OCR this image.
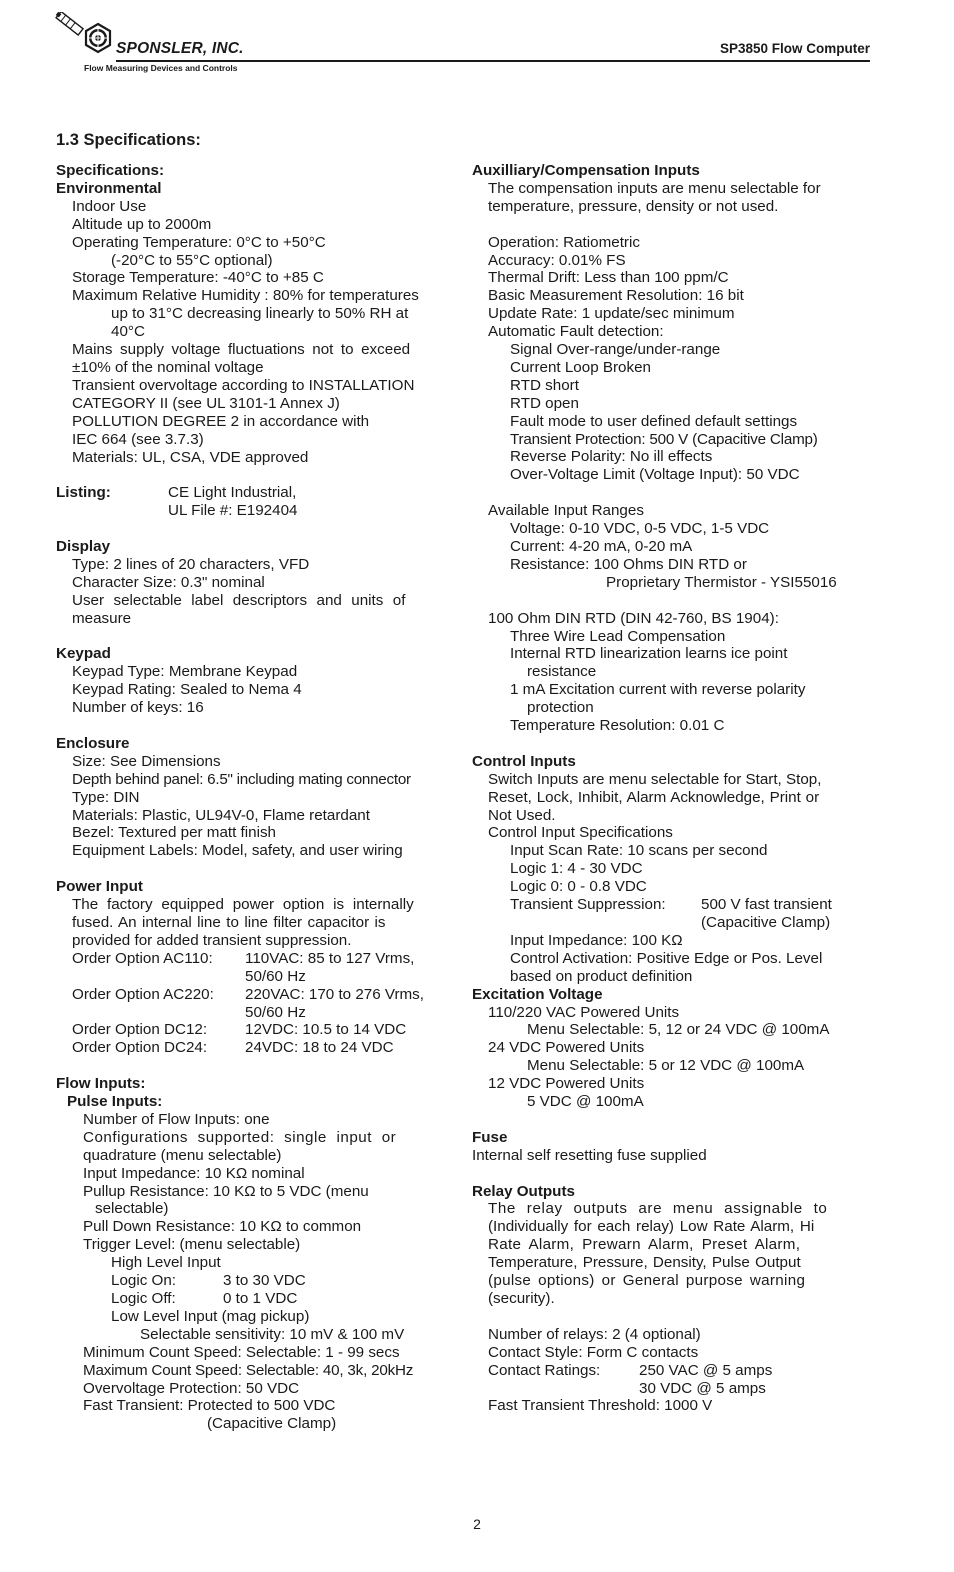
SPONSLER, INC.
Flow Measuring Devices and Controls
SP3850 Flow Computer
1.3 Specifications:
Specifications:
Environmental
Indoor Use
Altitude up to 2000m
Operating Temperature: 0°C to +50°C
(-20°C to 55°C optional)
Storage Temperature: -40°C to +85 C
Maximum Relative Humidity : 80% for temperatures
up to 31°C decreasing linearly to 50% RH at
40°C
Mains supply voltage fluctuations not to exceed
±10% of the nominal voltage
Transient overvoltage according to INSTALLATION
CATEGORY II (see UL 3101-1 Annex J)
POLLUTION DEGREE 2 in accordance with
IEC 664 (see 3.7.3)
Materials: UL, CSA, VDE approved
Listing:	CE Light Industrial,
UL File #: E192404
Display
Type: 2 lines of 20 characters, VFD
Character Size: 0.3" nominal
User selectable label descriptors and units of
measure
Keypad
Keypad Type: Membrane Keypad
Keypad Rating: Sealed to Nema 4
Number of keys: 16
Enclosure
Size: See Dimensions
Depth behind panel: 6.5" including mating connector
Type: DIN
Materials: Plastic, UL94V-0, Flame retardant
Bezel: Textured per matt finish
Equipment Labels: Model, safety, and user wiring
Power Input
The factory equipped power option is internally
fused. An internal line to line filter capacitor is
provided for added transient suppression.
Order Option AC110:	110VAC: 85 to 127 Vrms,
50/60 Hz
Order Option AC220:	220VAC: 170 to 276 Vrms,
50/60 Hz
Order Option DC12:	12VDC: 10.5 to 14 VDC
Order Option DC24:	24VDC: 18 to 24 VDC
Flow Inputs:
Pulse Inputs:
Number of Flow Inputs: one
Configurations supported: single input or
quadrature (menu selectable)
Input Impedance: 10 KΩ nominal
Pullup Resistance: 10 KΩ to 5 VDC (menu
selectable)
Pull Down Resistance: 10 KΩ to common
Trigger Level: (menu selectable)
High Level Input
Logic On:	3 to 30 VDC
Logic Off:	0 to 1 VDC
Low Level Input (mag pickup)
Selectable sensitivity: 10 mV & 100 mV
Minimum Count Speed: Selectable: 1 - 99 secs
Maximum Count Speed: Selectable: 40, 3k, 20kHz
Overvoltage Protection: 50 VDC
Fast Transient: Protected to 500 VDC
(Capacitive Clamp)
Auxilliary/Compensation Inputs
The compensation inputs are menu selectable for
temperature, pressure, density or not used.
Operation: Ratiometric
Accuracy: 0.01% FS
Thermal Drift: Less than 100 ppm/C
Basic Measurement Resolution: 16 bit
Update Rate: 1 update/sec minimum
Automatic Fault detection:
Signal Over-range/under-range
Current Loop Broken
RTD short
RTD open
Fault mode to user defined default settings
Transient Protection: 500 V (Capacitive Clamp)
Reverse Polarity: No ill effects
Over-Voltage Limit (Voltage Input): 50 VDC
Available Input Ranges
Voltage: 0-10 VDC, 0-5 VDC, 1-5 VDC
Current: 4-20 mA, 0-20 mA
Resistance: 100 Ohms DIN RTD or
Proprietary Thermistor - YSI55016
100 Ohm DIN RTD (DIN 42-760, BS 1904):
Three Wire Lead Compensation
Internal RTD linearization learns ice point
resistance
1 mA Excitation current with reverse polarity
protection
Temperature Resolution: 0.01 C
Control Inputs
Switch Inputs are menu selectable for Start, Stop,
Reset, Lock, Inhibit, Alarm Acknowledge, Print or
Not Used.
Control Input Specifications
Input Scan Rate: 10 scans per second
Logic 1: 4 - 30 VDC
Logic 0: 0 - 0.8 VDC
Transient Suppression:	500 V fast transient
(Capacitive Clamp)
Input Impedance: 100 KΩ
Control Activation: Positive Edge or Pos. Level
based on product definition
Excitation Voltage
110/220 VAC Powered Units
Menu Selectable: 5, 12 or 24 VDC @ 100mA
24 VDC Powered Units
Menu Selectable: 5 or 12 VDC @ 100mA
12 VDC Powered Units
5 VDC @ 100mA
Fuse
Internal self resetting fuse supplied
Relay Outputs
The relay outputs are menu assignable to
(Individually for each relay) Low Rate Alarm, Hi
Rate Alarm, Prewarn Alarm, Preset Alarm,
Temperature, Pressure, Density, Pulse Output
(pulse options) or General purpose warning
(security).
Number of relays: 2 (4 optional)
Contact Style: Form C contacts
Contact Ratings:	250 VAC @ 5 amps
30 VDC @ 5 amps
Fast Transient Threshold: 1000 V
2
